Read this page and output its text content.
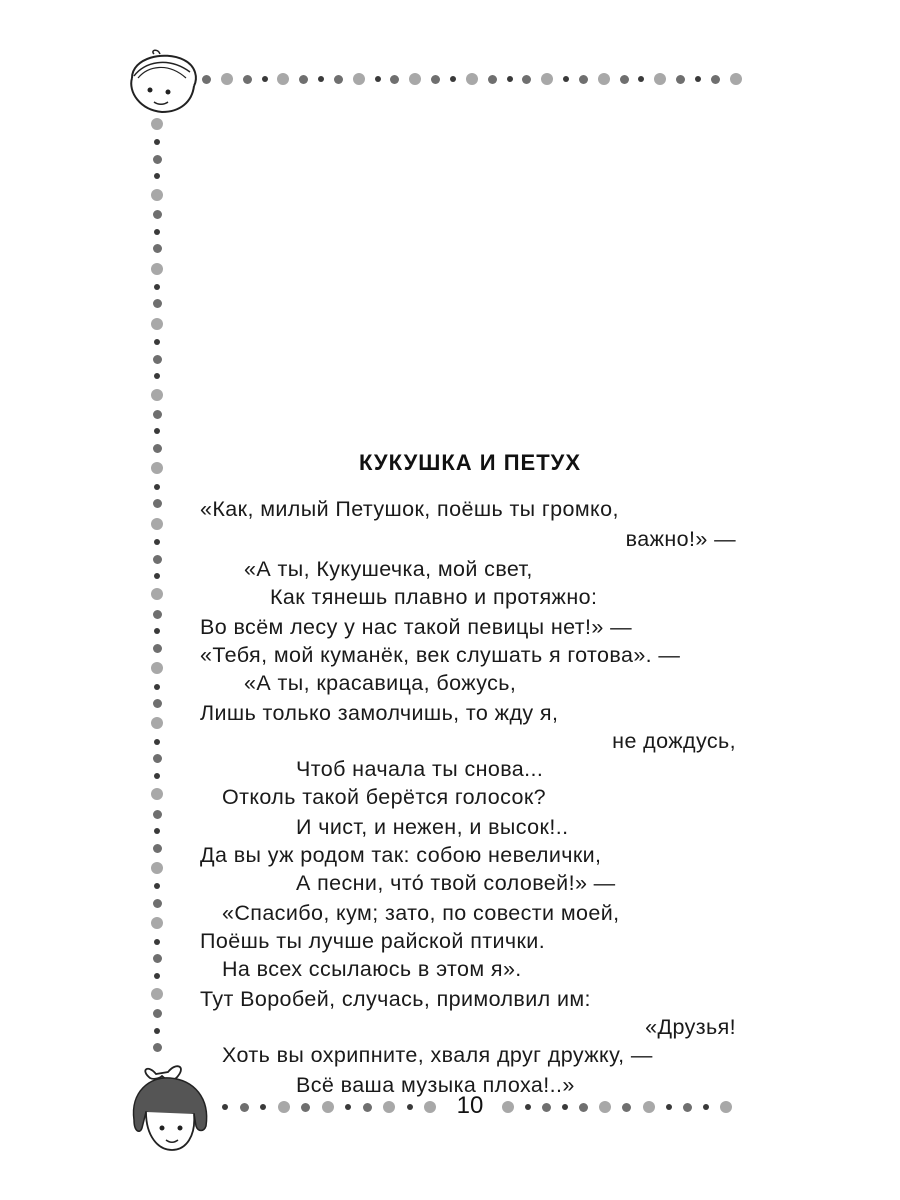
КУКУШКА И ПЕТУХ
«Как, милый Петушок, поёшь ты громко,
важно!» —
«А ты, Кукушечка, мой свет,
Как тянешь плавно и протяжно:
Во всём лесу у нас такой певицы нет!» —
«Тебя, мой куманёк, век слушать я готова». —
«А ты, красавица, божусь,
Лишь только замолчишь, то жду я,
не дождусь,
Чтоб начала ты снова...
Отколь такой берётся голосок?
И чист, и нежен, и высок!..
Да вы уж родом так: собою невелички,
А песни, что́ твой соловей!» —
«Спасибо, кум; зато, по совести моей,
Поёшь ты лучше райской птички.
На всех ссылаюсь в этом я».
Тут Воробей, случась, примолвил им:
«Друзья!
Хоть вы охрипните, хваля друг дружку, —
Всё ваша музыка плоха!..»
10
